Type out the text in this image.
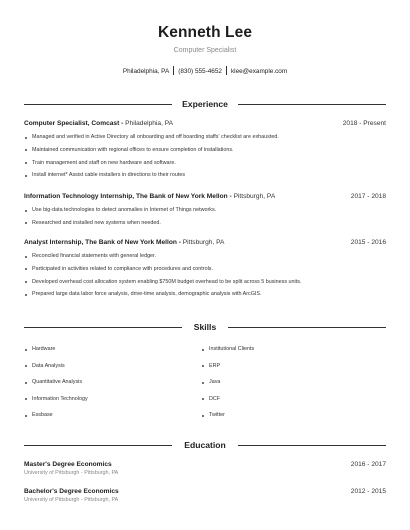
Kenneth Lee
Computer Specialist
Philadelphia, PA (830) 555-4652 klee@example.com
Experience
Computer Specialist, Comcast - Philadelphia, PA	2018 - Present
Managed and verified in Active Directory all onboarding and off boarding staffs' checklist are exhausted.
Maintained communication with regional offices to ensure completion of installations.
Train management and staff on new hardware and software.
Install internet* Assist cable installers in directions to their routes
Information Technology Internship, The Bank of New York Mellon - Pittsburgh, PA	2017 - 2018
Use big-data technologies to detect anomalies in Internet of Things networks.
Researched and installed new systems when needed.
Analyst Internship, The Bank of New York Mellon - Pittsburgh, PA	2015 - 2016
Reconciled financial statements with general ledger.
Participated in activities related to compliance with procedures and controls.
Developed overhead cost allocation system enabling $750M budget overhead to be split across 5 business units.
Prepared large data labor force analysis, drive-time analysis, demographic analysis with ArcGIS.
Skills
Hardware
Data Analysis
Quantitative Analysis
Information Technology
Essbase
Institutional Clients
ERP
Java
DCF
Twitter
Education
Master's Degree Economics	2016 - 2017
University of Pittsburgh - Pittsburgh, PA
Bachelor's Degree Economics	2012 - 2015
University of Pittsburgh - Pittsburgh, PA
